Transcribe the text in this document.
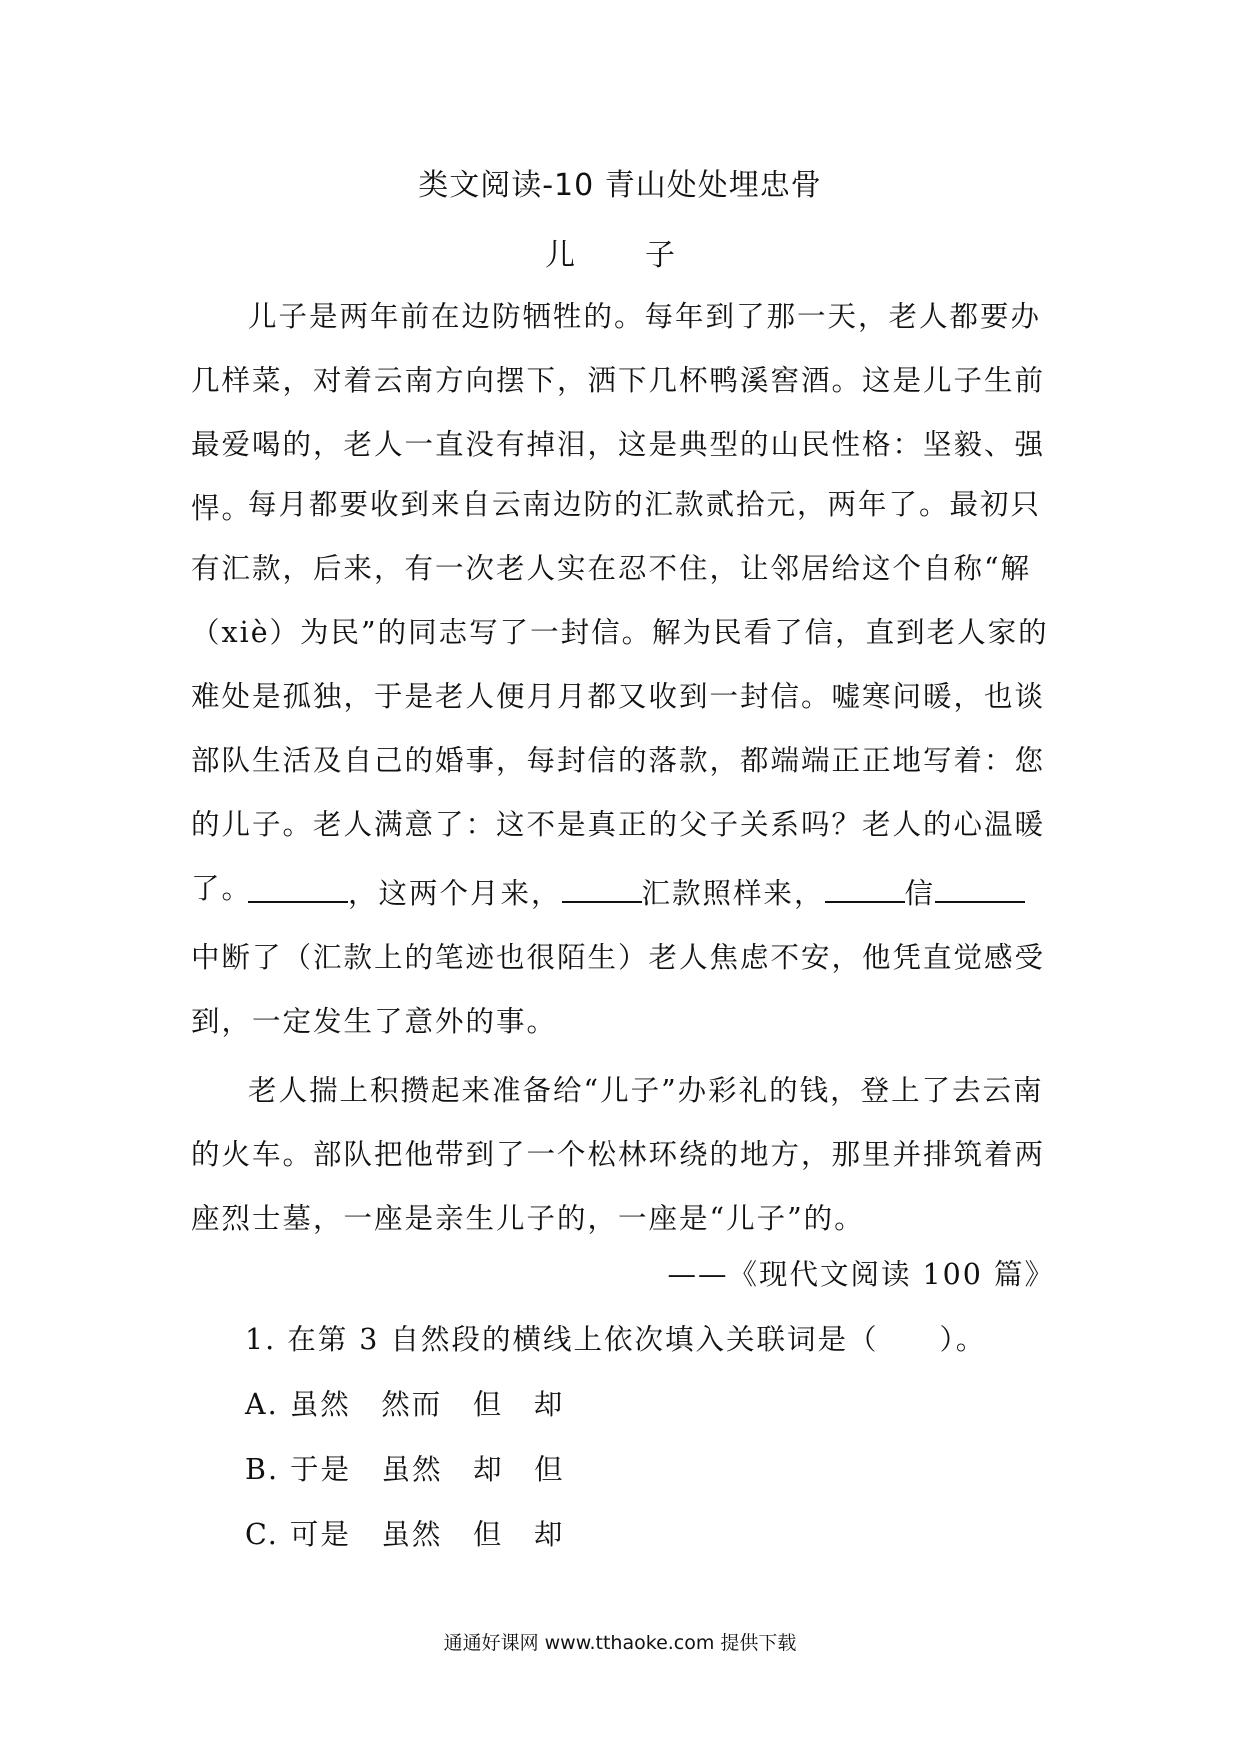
类文阅读-10 青山处处埋忠骨
儿　子
儿子是两年前在边防牺牲的。每年到了那一天，老人都要办几样菜，对着云南方向摆下，洒下几杯鸭溪窖酒。这是儿子生前最爱喝的，老人一直没有掉泪，这是典型的山民性格：坚毅、强悍。
每月都要收到来自云南边防的汇款贰拾元，两年了。最初只有汇款，后来，有一次老人实在忍不住，让邻居给这个自称“解（xiè）为民”的同志写了一封信。解为民看了信，直到老人家的难处是孤独，于是老人便月月都又收到一封信。嘘寒问暖，也谈部队生活及自己的婚事，每封信的落款，都端端正正地写着：您的儿子。老人满意了：这不是真正的父子关系吗？老人的心温暖了。	，这两个月来，	汇款照样来，	信中断了（汇款上的笔迹也很陌生）老人焦虑不安，他凭直觉感受到，一定发生了意外的事。
老人揣上积攒起来准备给“儿子”办彩礼的钱，登上了去云南的火车。部队把他带到了一个松林环绕的地方，那里并排筑着两座烈士墓，一座是亲生儿子的，一座是“儿子”的。
——《现代文阅读 100 篇》
1. 在第 3 自然段的横线上依次填入关联词是（　　）。
A. 虽然　然而　但　却
B. 于是　虽然　却　但
C. 可是　虽然　但　却
通通好课网 www.tthaoke.com 提供下载
